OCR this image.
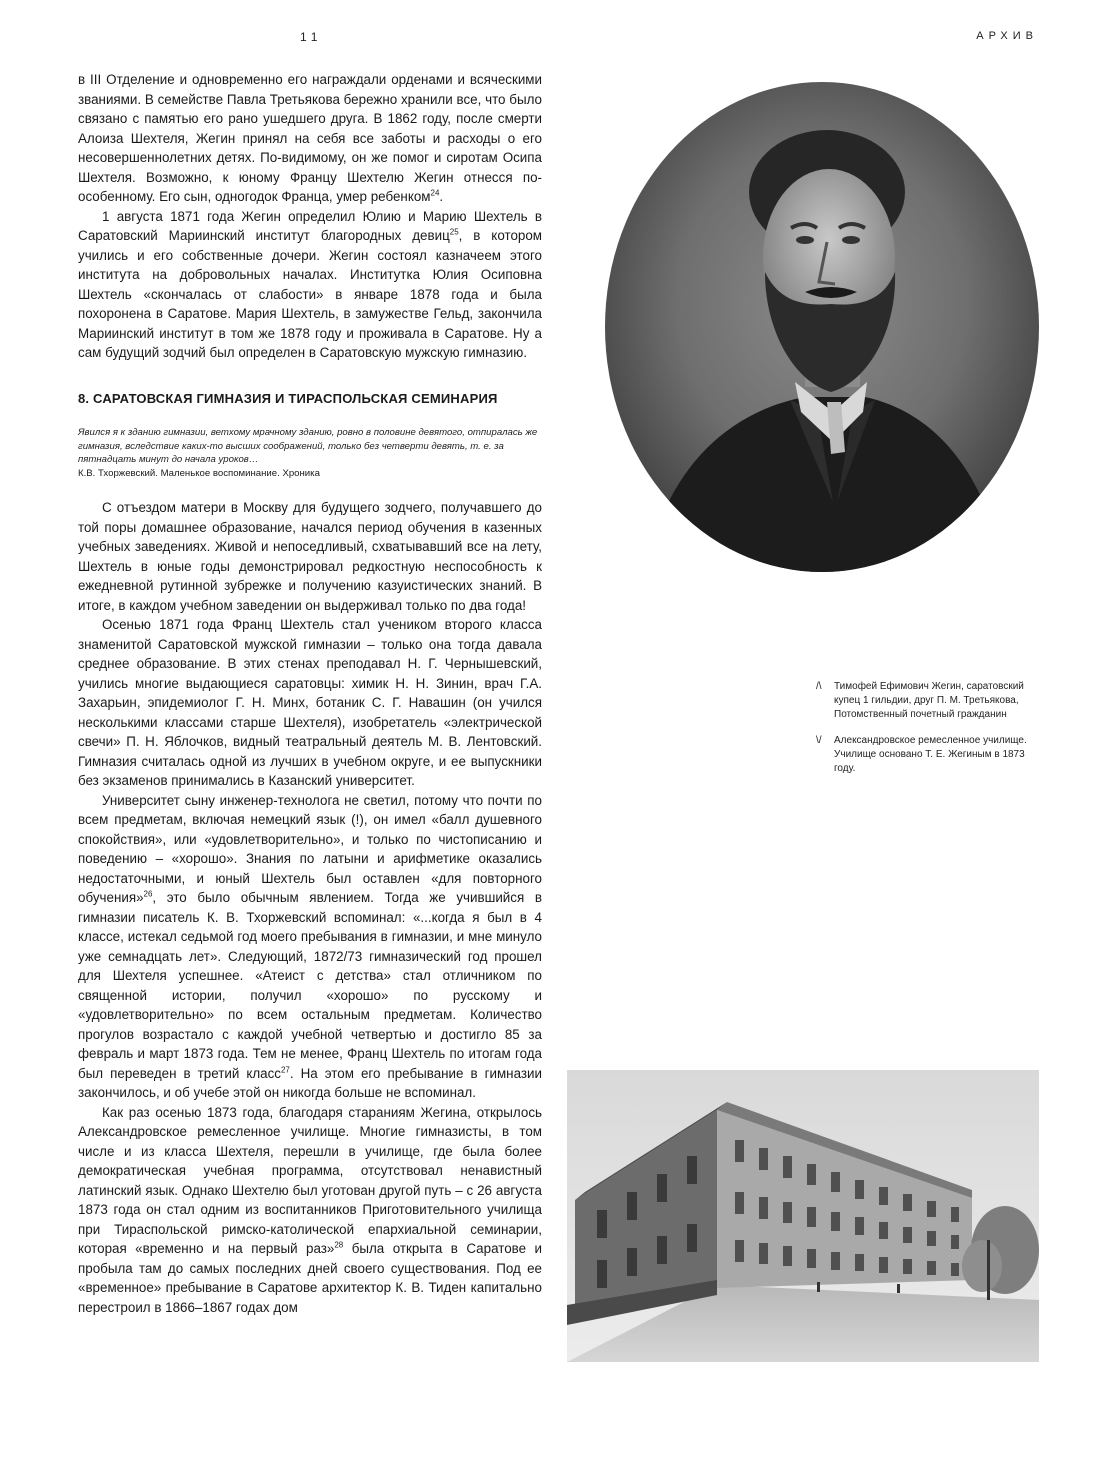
11	АРХИВ

в III Отделение и одновременно его награждали орденами и всяческими званиями. В семействе Павла Третьякова бережно хранили все, что было связано с памятью его рано ушедшего друга. В 1862 году, после смерти Алоиза Шехтеля, Жегин принял на себя все заботы и расходы о его несовершеннолетних детях. По-видимому, он же помог и сиротам Осипа Шехтеля. Возможно, к юному Францу Шехтелю Жегин отнесся по-особенному. Его сын, одногодок Франца, умер ребенком$^{24}$.

1 августа 1871 года Жегин определил Юлию и Марию Шехтель в Саратовский Мариинский институт благородных девиц$^{25}$, в котором учились и его собственные дочери. Жегин состоял казначеем этого института на добровольных началах. Институтка Юлия Осиповна Шехтель «скончалась от слабости» в январе 1878 года и была похоронена в Саратове. Мария Шехтель, в замужестве Гельд, закончила Мариинский институт в том же 1878 году и проживала в Саратове. Ну а сам будущий зодчий был определен в Саратовскую мужскую гимназию.

8. САРАТОВСКАЯ ГИМНАЗИЯ И ТИРАСПОЛЬСКАЯ СЕМИНАРИЯ

Явился я к зданию гимназии, ветхому мрачному зданию, ровно в половине девятого, отпиралась же гимназия, вследствие каких-то высших соображений, только без четверти девять, т. е. за пятнадцать минут до начала уроков…

К.В. Тхоржевский. Маленькое воспоминание. Хроника

С отъездом матери в Москву для будущего зодчего, получавшего до той поры домашнее образование, начался период обучения в казенных учебных заведениях. Живой и непоседливый, схватывавший все на лету, Шехтель в юные годы демонстрировал редкостную неспособность к ежедневной рутинной зубрежке и получению казуистических знаний. В итоге, в каждом учебном заведении он выдерживал только по два года!

Осенью 1871 года Франц Шехтель стал учеником второго класса знаменитой Саратовской мужской гимназии – только она тогда давала среднее образование. В этих стенах преподавал Н. Г. Чернышевский, учились многие выдающиеся саратовцы: химик Н. Н. Зинин, врач Г.А. Захарьин, эпидемиолог Г. Н. Минх, ботаник С. Г. Навашин (он учился несколькими классами старше Шехтеля), изобретатель «электрической свечи» П. Н. Яблочков, видный театральный деятель М. В. Лентовский. Гимназия считалась одной из лучших в учебном округе, и ее выпускники без экзаменов принимались в Казанский университет.

Университет сыну инженер-технолога не светил, потому что почти по всем предметам, включая немецкий язык (!), он имел «балл душевного спокойствия», или «удовлетворительно», и только по чистописанию и поведению – «хорошо». Знания по латыни и арифметике оказались недостаточными, и юный Шехтель был оставлен «для повторного обучения»$^{26}$, это было обычным явлением. Тогда же учившийся в гимназии писатель К. В. Тхоржевский вспоминал: «...когда я был в 4 классе, истекал седьмой год моего пребывания в гимназии, и мне минуло уже семнадцать лет». Следующий, 1872/73 гимназический год прошел для Шехтеля успешнее. «Атеист с детства» стал отличником по священной истории, получил «хорошо» по русскому и «удовлетворительно» по всем остальным предметам. Количество прогулов возрастало с каждой учебной четвертью и достигло 85 за февраль и март 1873 года. Тем не менее, Франц Шехтель по итогам года был переведен в третий класс$^{27}$. На этом его пребывание в гимназии закончилось, и об учебе этой он никогда больше не вспоминал.

Как раз осенью 1873 года, благодаря стараниям Жегина, открылось Александровское ремесленное училище. Многие гимназисты, в том числе и из класса Шехтеля, перешли в училище, где была более демократическая учебная программа, отсутствовал ненавистный латинский язык. Однако Шехтелю был уготован другой путь – с 26 августа 1873 года он стал одним из воспитанников Приготовительного училища при Тираспольской римско-католической епархиальной семинарии, которая «временно и на первый раз»$^{28}$ была открыта в Саратове и пробыла там до самых последних дней своего существования. Под ее «временное» пребывание в Саратове архитектор К. В. Тиден капитально перестроил в 1866–1867 годах дом

/\ Тимофей Ефимович Жегин, саратовский купец 1 гильдии, друг П. М. Третьякова, Потомственный почетный гражданин
\/ Александровское ремесленное училище. Училище основано Т. Е. Жегиным в 1873 году.
